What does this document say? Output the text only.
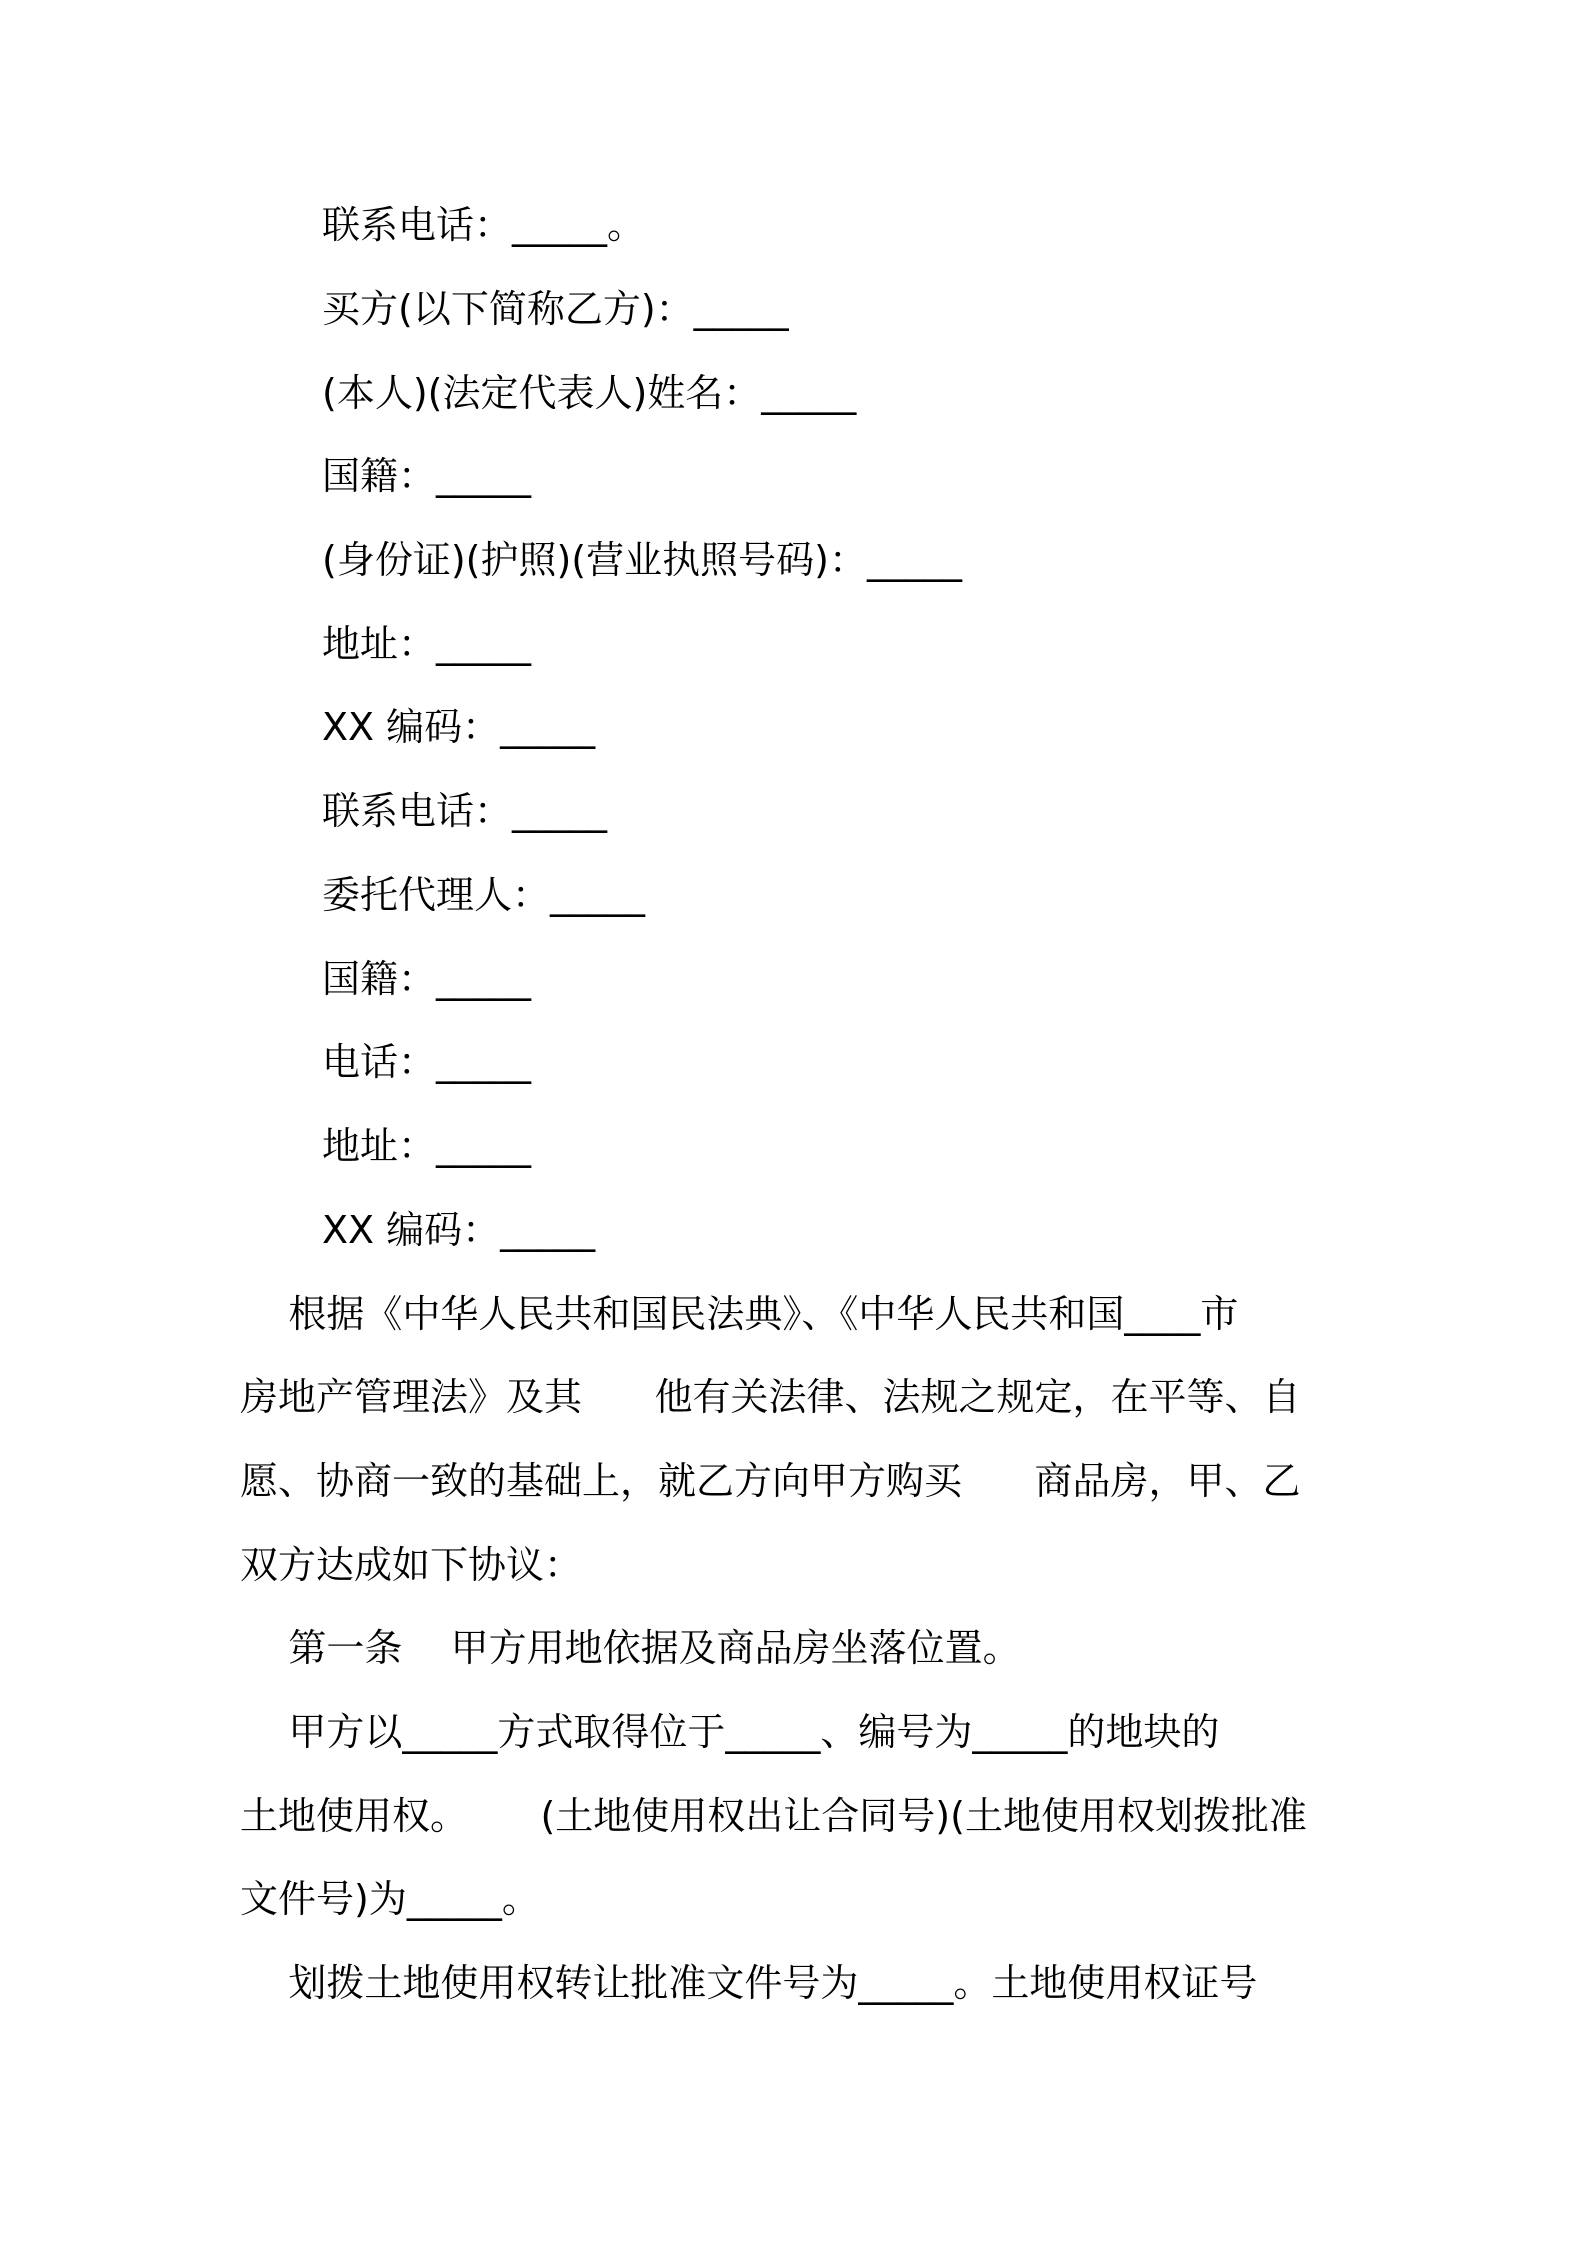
联系电话：_____。

买方(以下简称乙方)：_____

(本人)(法定代表人)姓名：_____

国籍：_____

(身份证)(护照)(营业执照号码)：_____

地址：_____

XX 编码：_____

联系电话：_____

委托代理人：_____

国籍：_____

电话：_____

地址：_____

XX 编码：_____

根据《中华人民共和国民法典》、《中华人民共和国____市

房地产管理法》及其      他有关法律、法规之规定，在平等、自

愿、协商一致的基础上，就乙方向甲方购买      商品房，甲、乙

双方达成如下协议：

第一条    甲方用地依据及商品房坐落位置。

甲方以_____方式取得位于_____、编号为_____的地块的

土地使用权。      (土地使用权出让合同号)(土地使用权划拨批准

文件号)为_____。

划拨土地使用权转让批准文件号为_____。土地使用权证号
